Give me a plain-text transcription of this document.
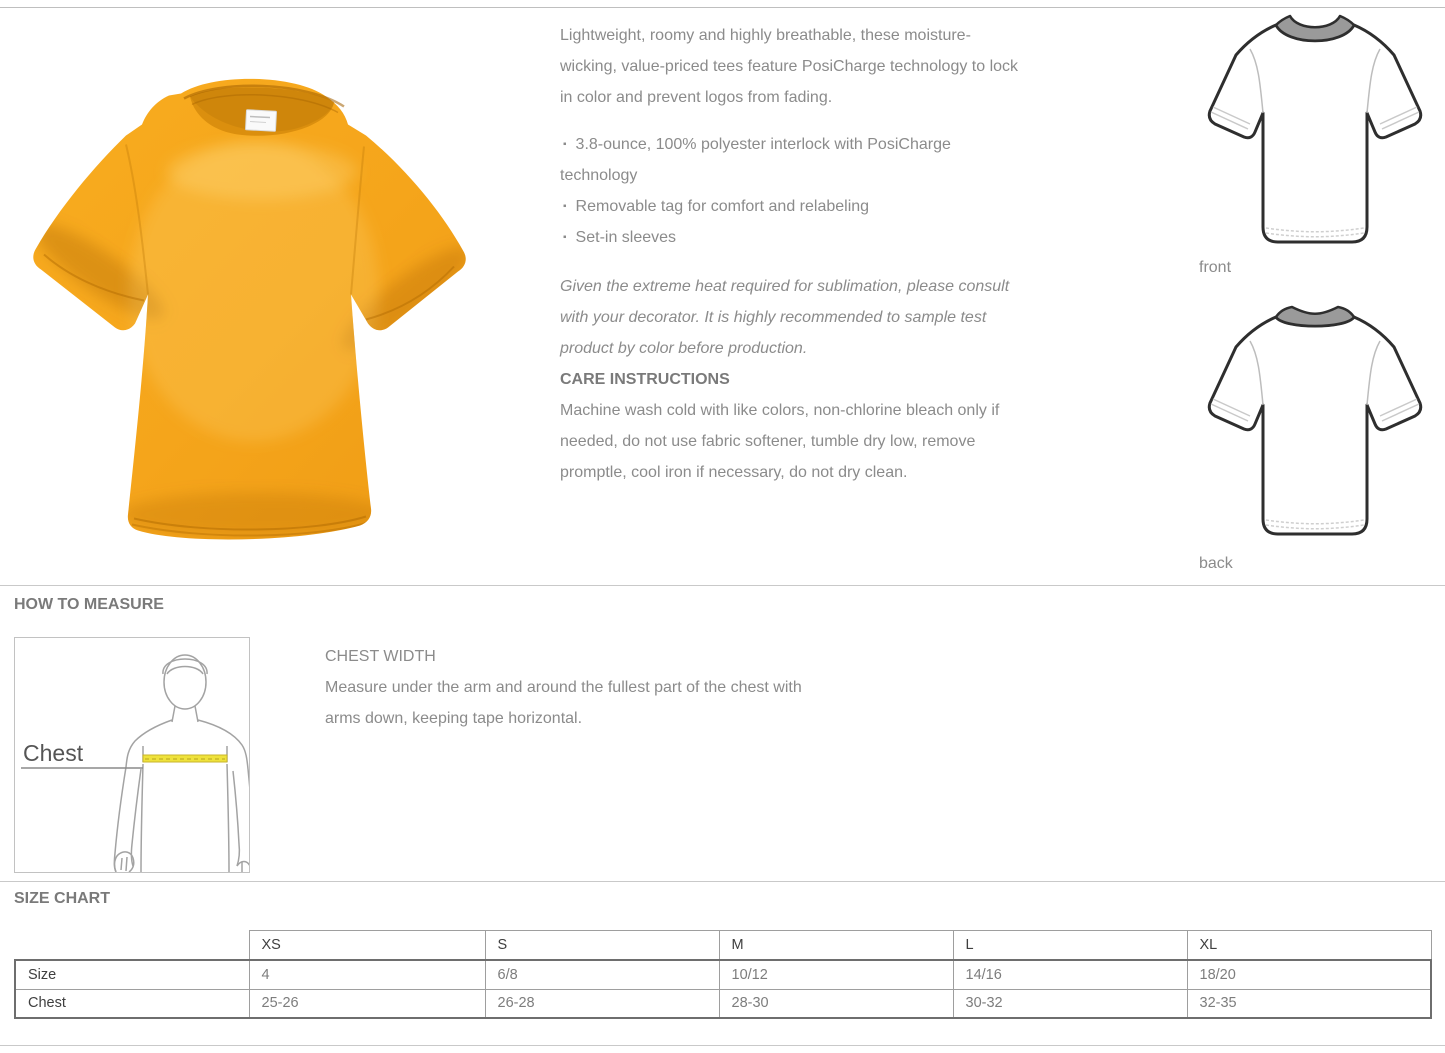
Lightweight, roomy and highly breathable, these moisture-wicking, value-priced tees feature PosiCharge technology to lock in color and prevent logos from fading.

▪ 3.8-ounce, 100% polyester interlock with PosiCharge technology
▪ Removable tag for comfort and relabeling
▪ Set-in sleeves

Given the extreme heat required for sublimation, please consult with your decorator. It is highly recommended to sample test product by color before production.

CARE INSTRUCTIONS

Machine wash cold with like colors, non-chlorine bleach only if needed, do not use fabric softener, tumble dry low, remove promptle, cool iron if necessary, do not dry clean.

front
back
HOW TO MEASURE
Chest

CHEST WIDTH

Measure under the arm and around the fullest part of the chest with arms down, keeping tape horizontal.

SIZE CHART
	XS	S	M	L	XL
Size	4	6/8	10/12	14/16	18/20
Chest	25-26	26-28	28-30	30-32	32-35
